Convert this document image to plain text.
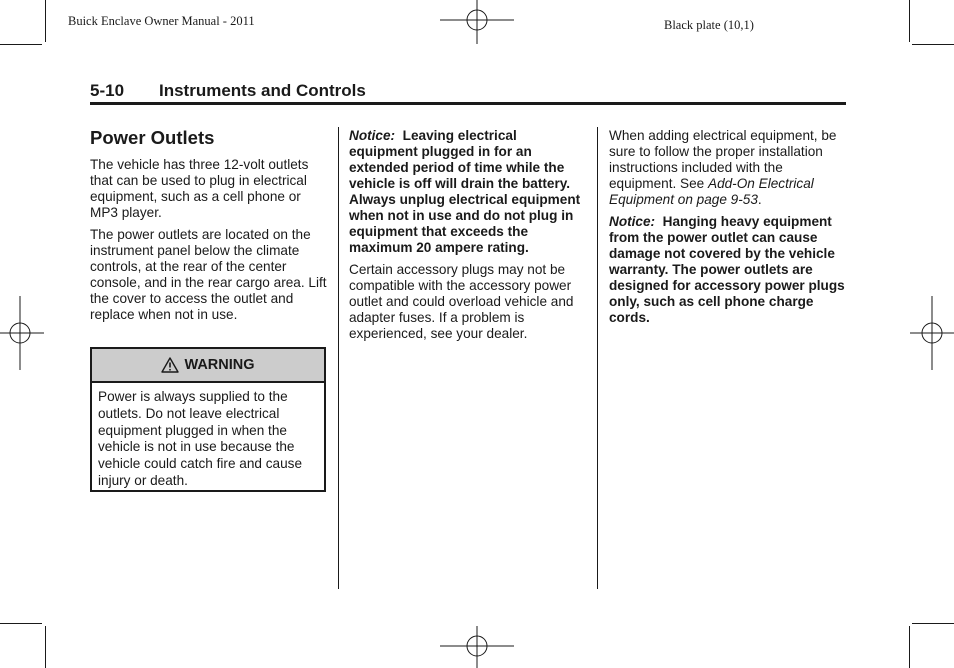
Buick Enclave Owner Manual - 2011	Black plate (10,1)
5-10 Instruments and Controls
Power Outlets

The vehicle has three 12-volt outlets that can be used to plug in electrical equipment, such as a cell phone or MP3 player.

The power outlets are located on the instrument panel below the climate controls, at the rear of the center console, and in the rear cargo area. Lift the cover to access the outlet and replace when not in use.

WARNING
Power is always supplied to the outlets. Do not leave electrical equipment plugged in when the vehicle is not in use because the vehicle could catch fire and cause injury or death.

Notice: Leaving electrical equipment plugged in for an extended period of time while the vehicle is off will drain the battery. Always unplug electrical equipment when not in use and do not plug in equipment that exceeds the maximum 20 ampere rating.

Certain accessory plugs may not be compatible with the accessory power outlet and could overload vehicle and adapter fuses. If a problem is experienced, see your dealer.

When adding electrical equipment, be sure to follow the proper installation instructions included with the equipment. See Add-On Electrical Equipment on page 9-53.

Notice: Hanging heavy equipment from the power outlet can cause damage not covered by the vehicle warranty. The power outlets are designed for accessory power plugs only, such as cell phone charge cords.
